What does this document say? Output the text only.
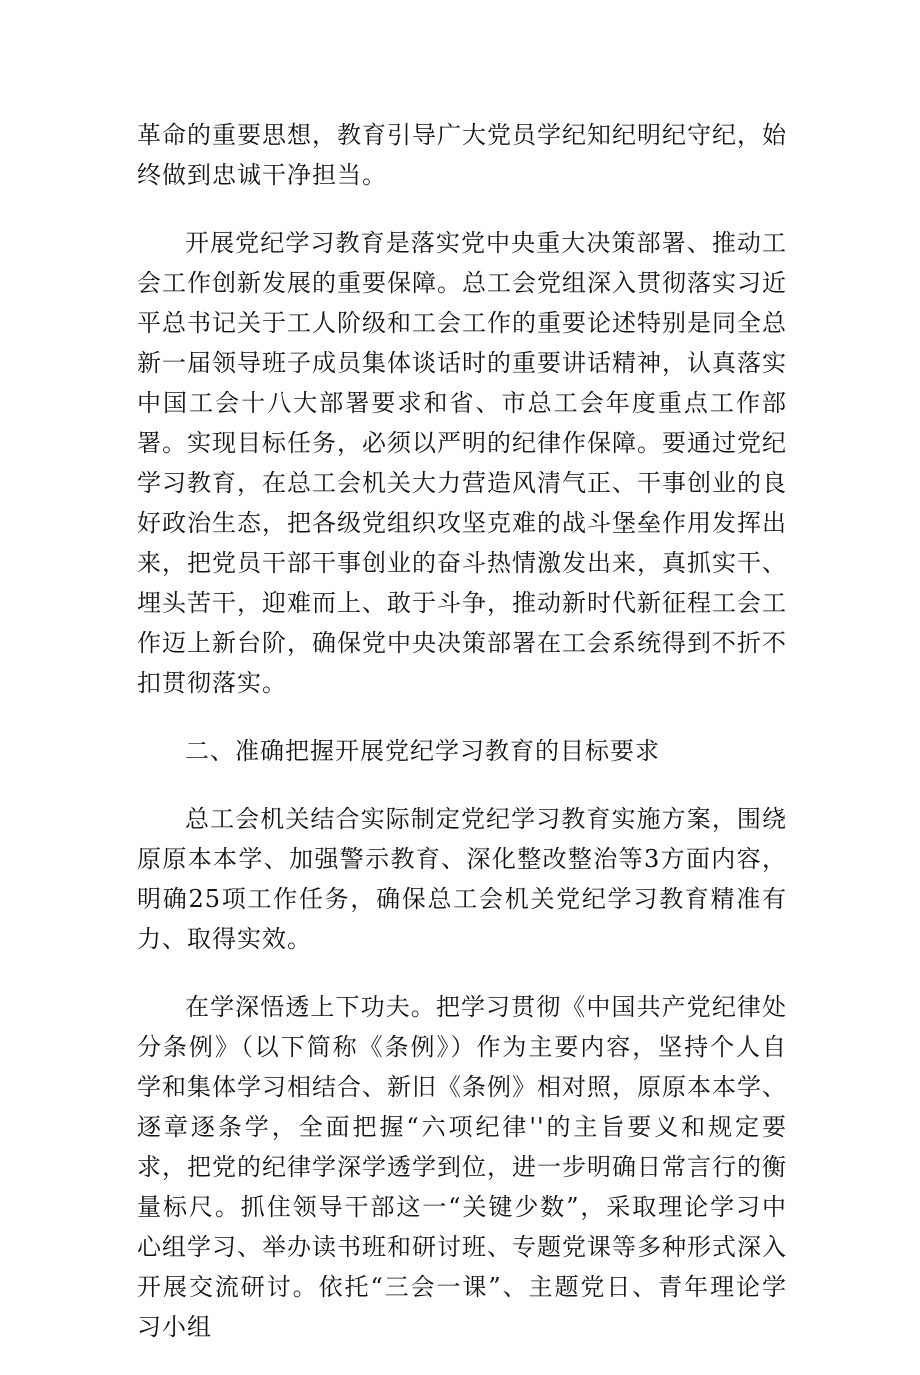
革命的重要思想，教育引导广大党员学纪知纪明纪守纪，始终做到忠诚干净担当。

开展党纪学习教育是落实党中央重大决策部署、推动工会工作创新发展的重要保障。总工会党组深入贯彻落实习近平总书记关于工人阶级和工会工作的重要论述特别是同全总新一届领导班子成员集体谈话时的重要讲话精神，认真落实中国工会十八大部署要求和省、市总工会年度重点工作部署。实现目标任务，必须以严明的纪律作保障。要通过党纪学习教育，在总工会机关大力营造风清气正、干事创业的良好政治生态，把各级党组织攻坚克难的战斗堡垒作用发挥出来，把党员干部干事创业的奋斗热情激发出来，真抓实干、埋头苦干，迎难而上、敢于斗争，推动新时代新征程工会工作迈上新台阶，确保党中央决策部署在工会系统得到不折不扣贯彻落实。

二、准确把握开展党纪学习教育的目标要求

总工会机关结合实际制定党纪学习教育实施方案，围绕原原本本学、加强警示教育、深化整改整治等3方面内容，明确25项工作任务，确保总工会机关党纪学习教育精准有力、取得实效。

在学深悟透上下功夫。把学习贯彻《中国共产党纪律处分条例》（以下简称《条例》）作为主要内容，坚持个人自学和集体学习相结合、新旧《条例》相对照，原原本本学、逐章逐条学，全面把握“六项纪律''的主旨要义和规定要求，把党的纪律学深学透学到位，进一步明确日常言行的衡量标尺。抓住领导干部这一“关键少数”，采取理论学习中心组学习、举办读书班和研讨班、专题党课等多种形式深入开展交流研讨。依托“三会一课”、主题党日、青年理论学习小组
